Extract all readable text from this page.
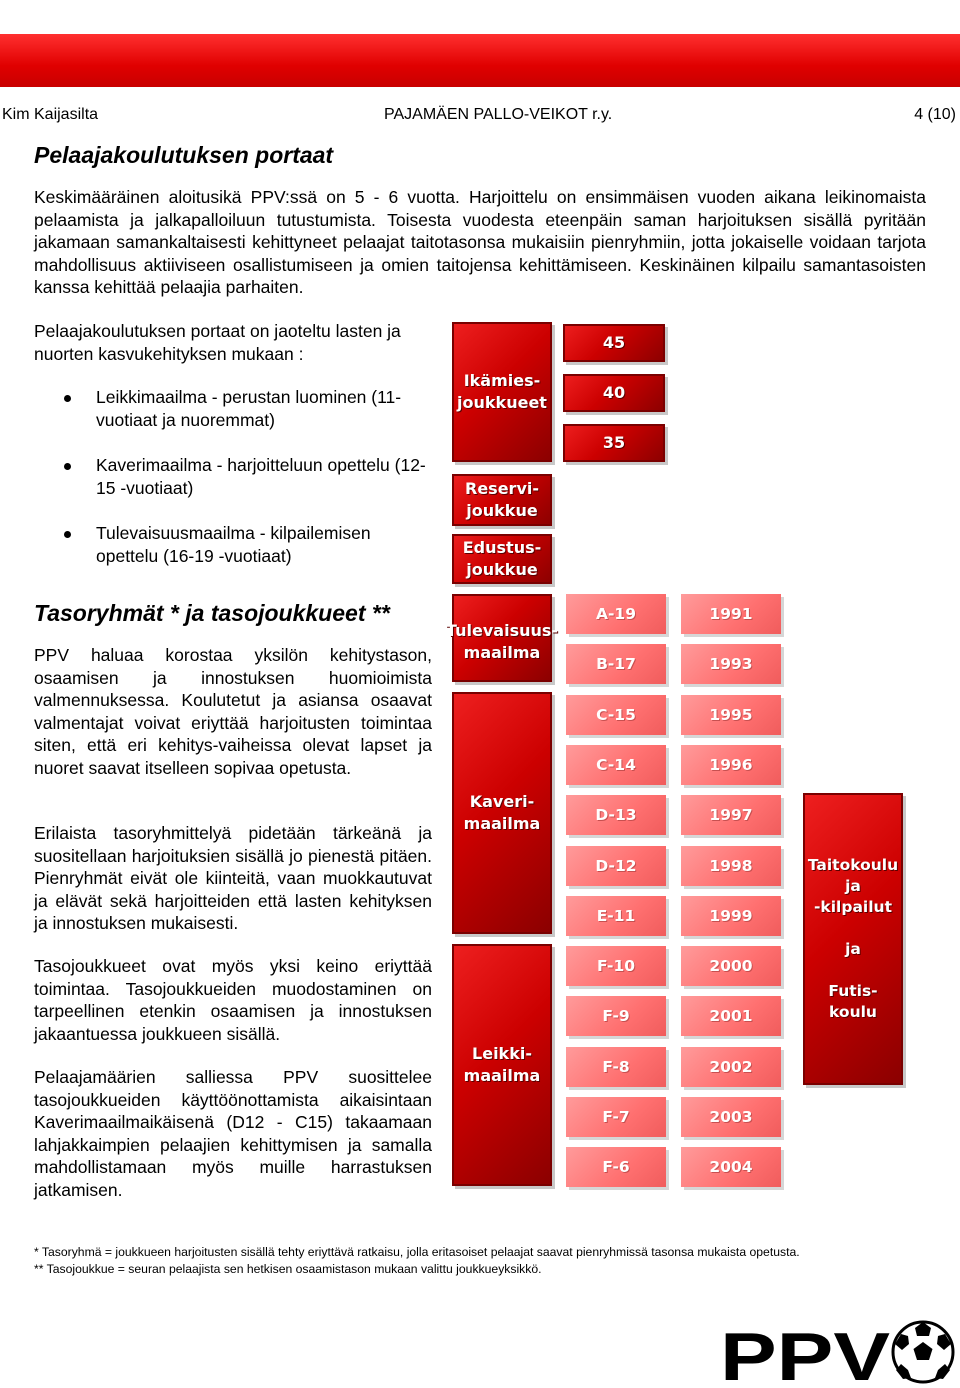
Kim Kaijasilta	PAJAMÄEN PALLO-VEIKOT r.y.	4 (10)
Pelaajakoulutuksen portaat

Keskimääräinen aloitusikä PPV:ssä on 5 - 6 vuotta. Harjoittelu on ensimmäisen vuoden aikana leikinomaista pelaamista ja jalkapalloiluun tutustumista. Toisesta vuodesta eteenpäin saman harjoituksen sisällä pyritään jakamaan samankaltaisesti kehittyneet pelaajat taitotasonsa mukaisiin pienryhmiin, jotta jokaiselle voidaan tarjota mahdollisuus aktiiviseen osallistumiseen ja omien taitojensa kehittämiseen. Keskinäinen kilpailu samantasoisten kanssa kehittää pelaajia parhaiten.

Pelaajakoulutuksen portaat on jaoteltu lasten ja nuorten kasvukehityksen mukaan :

Leikkimaailma - perustan luominen (11-vuotiaat ja nuoremmat)
Kaverimaailma - harjoitteluun opettelu (12-15 -vuotiaat)
Tulevaisuusmaailma - kilpailemisen opettelu (16-19 -vuotiaat)
Tasoryhmät * ja tasojoukkueet **

PPV haluaa korostaa yksilön kehitystason, osaamisen ja innostuksen huomioimista valmennuksessa. Koulutetut ja asiansa osaavat valmentajat voivat eriyttää harjoitusten toimintaa siten, että eri kehitys-vaiheissa olevat lapset ja nuoret saavat itselleen sopivaa opetusta.

Erilaista tasoryhmittelyä pidetään tärkeänä ja suositellaan harjoituksien sisällä jo pienestä pitäen. Pienryhmät eivät ole kiinteitä, vaan muokkautuvat ja elävät sekä harjoitteiden että lasten kehityksen ja innostuksen mukaisesti.

Tasojoukkueet ovat myös yksi keino eriyttää toimintaa. Tasojoukkueiden muodostaminen on tarpeellinen etenkin osaamisen ja innostuksen jakaantuessa joukkueen sisällä.

Pelaajamäärien salliessa PPV suosittelee tasojoukkueiden käyttöönottamista aikaisintaan Kaverimaailmaikäisenä (D12 - C15) takaamaan lahjakkaimpien pelaajien kehittymisen ja samalla mahdollistamaan myös muille harrastuksen jatkamisen.

Ikämies-
joukkueet
Reservi-
joukkue
Edustus-
joukkue
45
40
35
Tulevaisuus-
maailma
Kaveri-
maailma
Leikki-
maailma
A-19	1991
B-17	1993
C-15	1995
C-14	1996
D-13	1997
D-12	1998
E-11	1999
F-10	2000
F-9	2001
F-8	2002
F-7	2003
F-6	2004
Taitokoulu
ja
-kilpailut

ja

Futis-
koulu
* Tasoryhmä = joukkueen harjoitusten sisällä tehty eriyttävä ratkaisu, jolla eritasoiset pelaajat saavat pienryhmissä tasonsa mukaista opetusta.
** Tasojoukkue = seuran pelaajista sen hetkisen osaamistason mukaan valittu joukkueyksikkö.
PPV
